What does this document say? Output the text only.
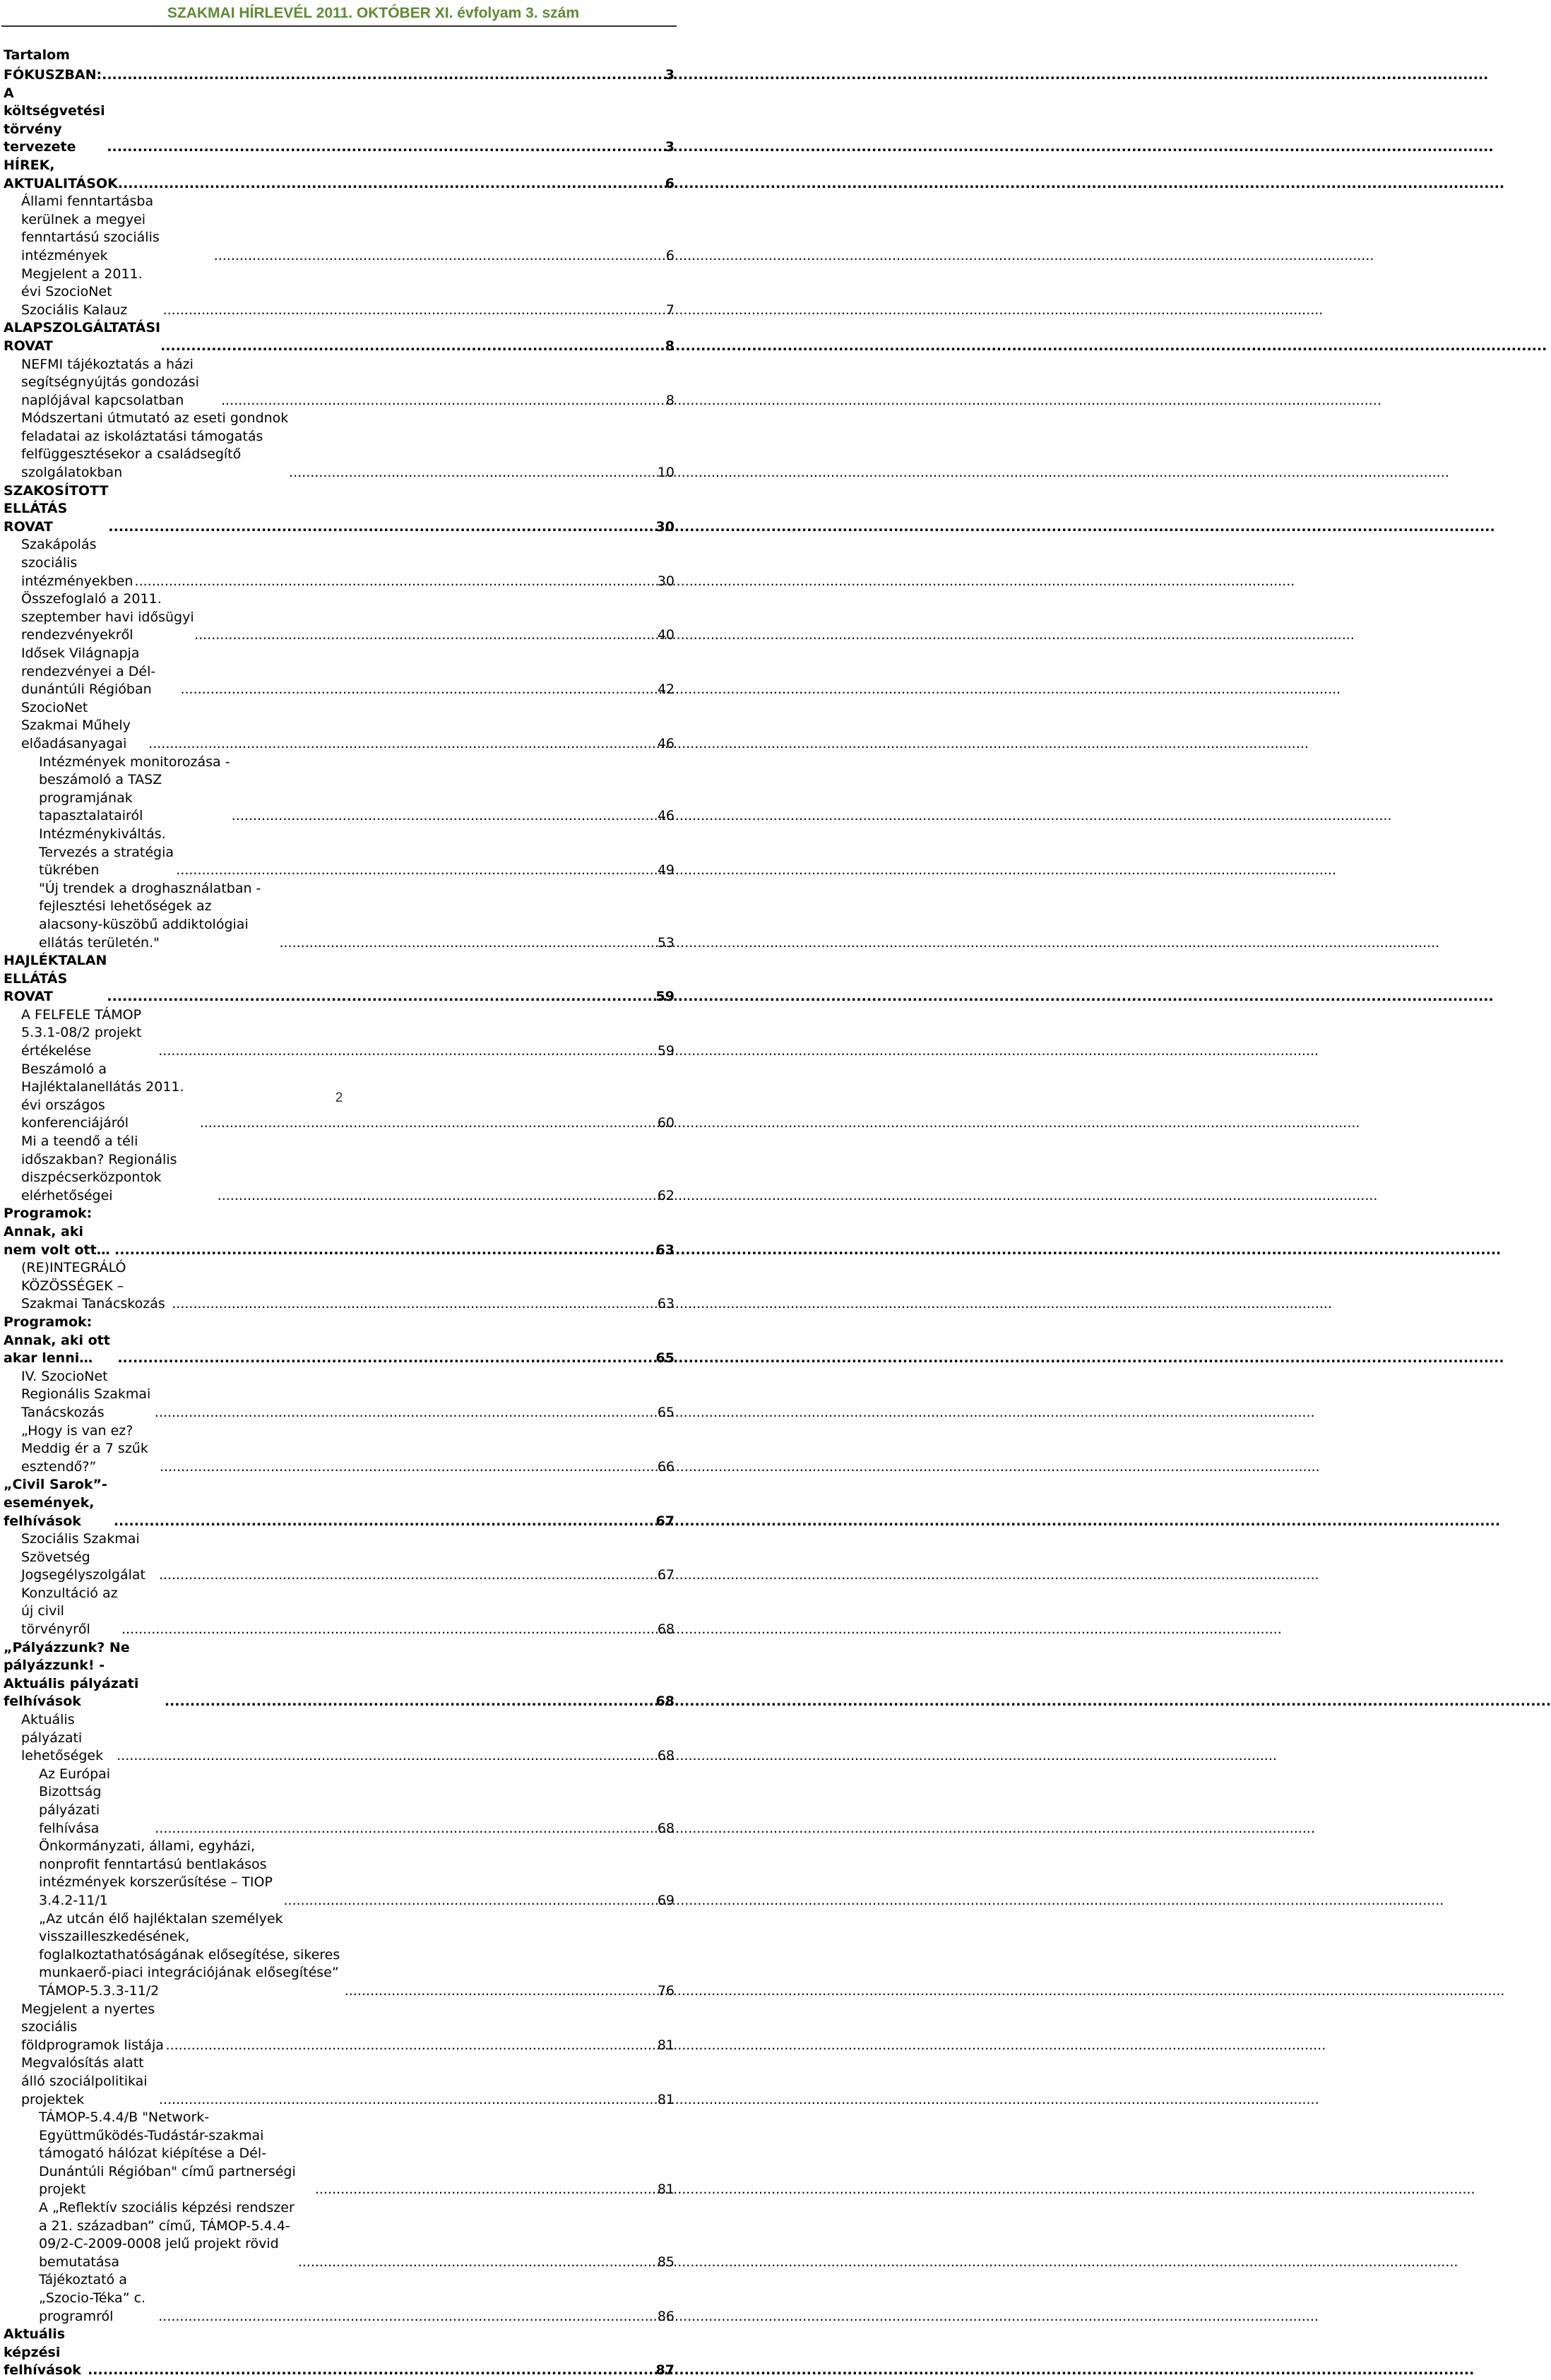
SZAKMAI HÍRLEVÉL 2011. OKTÓBER XI. évfolyam 3. szám
Tartalom
FÓKUSZBAN: .....	3
A költségvetési törvény tervezete .....	3
HÍREK, AKTUALITÁSOK .....	6
Állami fenntartásba kerülnek a megyei fenntartású szociális intézmények .....	6
Megjelent a 2011. évi SzocioNet Szociális Kalauz .....	7
ALAPSZOLGÁLTATÁSI ROVAT .....	8
NEFMI tájékoztatás a házi segítségnyújtás gondozási naplójával kapcsolatban .....	8
Módszertani útmutató az eseti gondnok feladatai az iskoláztatási támogatás felfüggesztésekor a családsegítő szolgálatokban .....	10
SZAKOSÍTOTT ELLÁTÁS ROVAT .....	30
Szakápolás szociális intézményekben .....	30
Összefoglaló a 2011. szeptember havi idősügyi rendezvényekről .....	40
Idősek Világnapja rendezvényei a Dél-dunántúli Régióban .....	42
SzocioNet Szakmai Műhely előadásanyagai .....	46
Intézmények monitorozása - beszámoló a TASZ programjának tapasztalatairól .....	46
Intézménykiváltás. Tervezés a stratégia tükrében .....	49
"Új trendek a droghasználatban - fejlesztési lehetőségek az alacsony-küszöbű addiktológiai ellátás területén." .....	53
HAJLÉKTALAN ELLÁTÁS ROVAT .....	59
A FELFELE TÁMOP 5.3.1-08/2 projekt értékelése .....	59
Beszámoló a Hajléktalanellátás 2011. évi országos konferenciájáról .....	60
Mi a teendő a téli időszakban? Regionális diszpécserközpontok elérhetőségei .....	62
Programok: Annak, aki nem volt ott… .....	63
(RE)INTEGRÁLÓ KÖZÖSSÉGEK – Szakmai Tanácskozás .....	63
Programok: Annak, aki ott akar lenni… .....	65
IV. SzocioNet Regionális Szakmai Tanácskozás .....	65
„Hogy is van ez? Meddig ér a 7 szűk esztendő?” .....	66
„Civil Sarok”- események, felhívások .....	67
Szociális Szakmai Szövetség Jogsegélyszolgálat .....	67
Konzultáció az új civil törvényről .....	68
„Pályázzunk? Ne pályázzunk! - Aktuális pályázati felhívások .....	68
Aktuális pályázati lehetőségek .....	68
Az Európai Bizottság pályázati felhívása .....	68
Önkormányzati, állami, egyházi, nonprofit fenntartású bentlakásos intézmények korszerűsítése – TIOP 3.4.2-11/1 .....	69
„Az utcán élő hajléktalan személyek visszailleszkedésének, foglalkoztathatóságának elősegítése, sikeres munkaerő-piaci integrációjának elősegítése” TÁMOP-5.3.3-11/2 .....	76
Megjelent a nyertes szociális földprogramok listája .....	81
Megvalósítás alatt álló szociálpolitikai projektek .....	81
TÁMOP-5.4.4/B "Network-Együttműködés-Tudástár-szakmai támogató hálózat kiépítése a Dél-Dunántúli Régióban" című partnerségi projekt .....	81
A „Reflektív szociális képzési rendszer a 21. században” című, TÁMOP-5.4.4-09/2-C-2009-0008 jelű projekt rövid bemutatása .....	85
Tájékoztató a „Szocio-Téka” c. programról .....	86
Aktuális képzési felhívások .....	87
2
